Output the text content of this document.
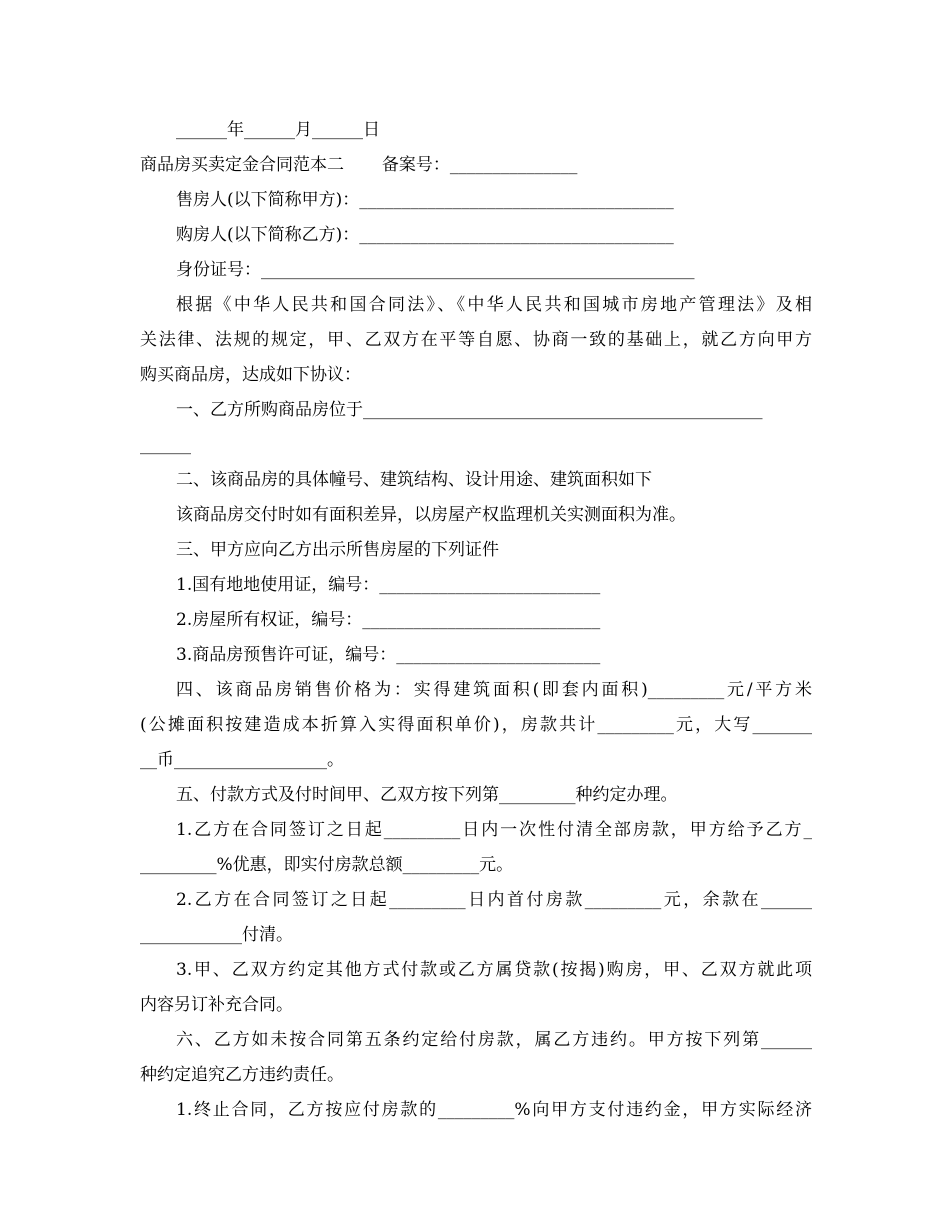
______年______月______日
商品房买卖定金合同范本二       备案号：_______________
售房人(以下简称甲方)：_____________________________________
购房人(以下简称乙方)：_____________________________________
身份证号：___________________________________________________
根据《中华人民共和国合同法》、《中华人民共和国城市房地产管理法》及相
关法律、法规的规定，甲、乙双方在平等自愿、协商一致的基础上，就乙方向甲方
购买商品房，达成如下协议：
一、乙方所购商品房位于_______________________________________________
______
二、该商品房的具体幢号、建筑结构、设计用途、建筑面积如下
该商品房交付时如有面积差异，以房屋产权监理机关实测面积为准。
三、甲方应向乙方出示所售房屋的下列证件
1.国有地地使用证，编号：__________________________
2.房屋所有权证，编号：____________________________
3.商品房预售许可证，编号：________________________
四、该商品房销售价格为：实得建筑面积(即套内面积)_________元/平方米
(公摊面积按建造成本折算入实得面积单价)，房款共计_________元，大写_______
__币__________________。
五、付款方式及付时间甲、乙双方按下列第_________种约定办理。
1.乙方在合同签订之日起_________日内一次性付清全部房款，甲方给予乙方_
_________%优惠，即实付房款总额_________元。
2.乙方在合同签订之日起_________日内首付房款_________元，余款在______
____________付清。
3.甲、乙双方约定其他方式付款或乙方属贷款(按揭)购房，甲、乙双方就此项
内容另订补充合同。
六、乙方如未按合同第五条约定给付房款，属乙方违约。甲方按下列第______
种约定追究乙方违约责任。
1.终止合同，乙方按应付房款的_________%向甲方支付违约金，甲方实际经济
